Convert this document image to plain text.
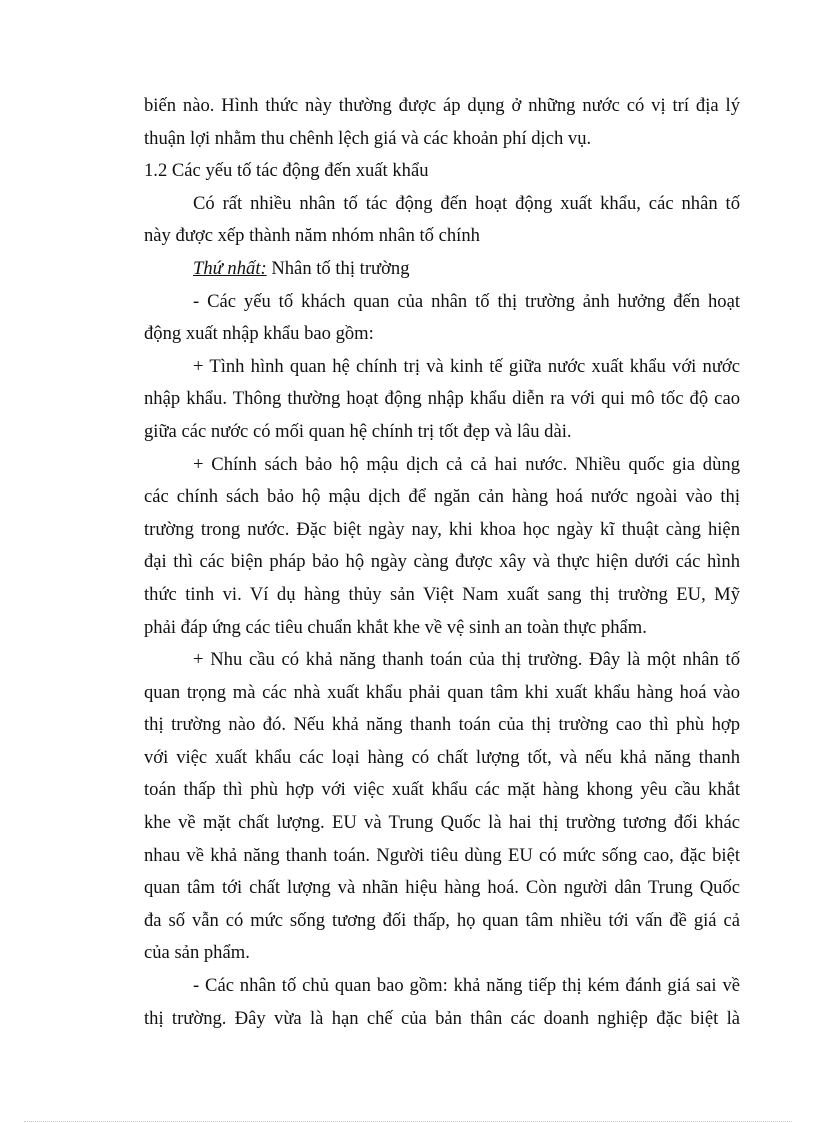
biến nào. Hình thức này thường được áp dụng ở những nước có vị trí địa lý
thuận lợi nhằm thu chênh lệch giá và các khoản phí dịch vụ.
1.2 Các yếu tố tác động đến xuất khẩu
Có rất nhiều nhân tố tác động đến hoạt động xuất khẩu, các nhân tố
này được xếp thành năm nhóm nhân tố chính
Thứ nhất: Nhân tố thị trường
- Các yếu tố khách quan của nhân tố thị trường ảnh hưởng đến hoạt
động xuất nhập khẩu bao gồm:
+ Tình hình quan hệ chính trị và kinh tế giữa nước xuất khẩu với nước
nhập khẩu. Thông thường hoạt động nhập khẩu diễn ra với qui mô tốc độ cao
giữa các nước có mối quan hệ chính trị tốt đẹp và lâu dài.
+ Chính sách bảo hộ mậu dịch cả cả hai nước. Nhiều quốc gia dùng
các chính sách bảo hộ mậu dịch để ngăn cản hàng hoá nước ngoài vào thị
trường trong nước. Đặc biệt ngày nay, khi khoa học ngày kĩ thuật càng hiện
đại thì các biện pháp bảo hộ ngày càng được xây và thực hiện dưới các hình
thức tinh vi. Ví dụ hàng thủy sản Việt Nam xuất sang thị trường EU, Mỹ
phải đáp ứng các tiêu chuẩn khắt khe về vệ sinh an toàn thực phẩm.
+ Nhu cầu có khả năng thanh toán của thị trường. Đây là một nhân tố
quan trọng mà các nhà xuất khẩu phải quan tâm khi xuất khẩu hàng hoá vào
thị trường nào đó. Nếu khả năng thanh toán của thị trường cao thì phù hợp
với việc xuất khẩu các loại hàng có chất lượng tốt, và nếu khả năng thanh
toán thấp thì phù hợp với việc xuất khẩu các mặt hàng khong yêu cầu khắt
khe về mặt chất lượng. EU và Trung Quốc là hai thị trường tương đối khác
nhau về khả năng thanh toán. Người tiêu dùng EU có mức sống cao, đặc biệt
quan tâm tới chất lượng và nhãn hiệu hàng hoá. Còn người dân Trung Quốc
đa số vẫn có mức sống tương đối thấp, họ quan tâm nhiều tới vấn đề giá cả
của sản phẩm.
- Các nhân tố chủ quan bao gồm: khả năng tiếp thị kém đánh giá sai về
thị trường. Đây vừa là hạn chế của bản thân các doanh nghiệp đặc biệt là
